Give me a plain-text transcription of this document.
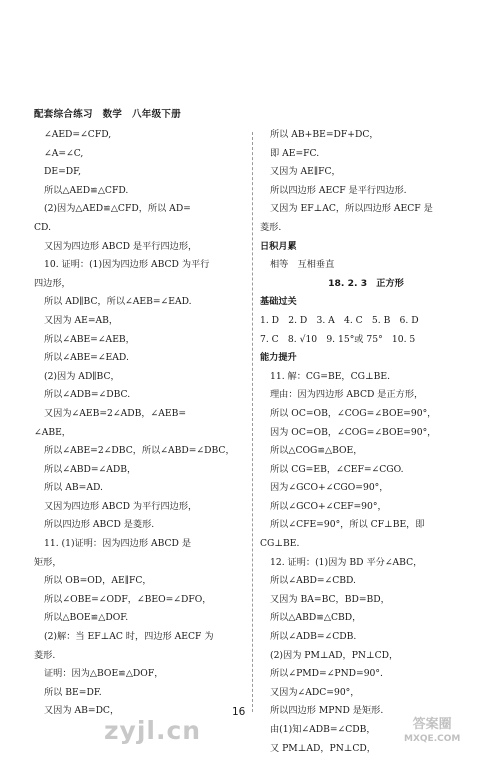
配套综合练习　数学　八年级下册
∠AED=∠CFD,
∠A=∠C,
DE=DF,
所以△AED≌△CFD.
(2)因为△AED≌△CFD，所以 AD=
CD.
又因为四边形 ABCD 是平行四边形，
10. 证明：(1)因为四边形 ABCD 为平行
四边形，
所以 AD∥BC，所以∠AEB=∠EAD.
又因为 AE=AB，
所以∠ABE=∠AEB，
所以∠ABE=∠EAD.
(2)因为 AD∥BC，
所以∠ADB=∠DBC.
又因为∠AEB=2∠ADB，∠AEB=
∠ABE，
所以∠ABE=2∠DBC，所以∠ABD=∠DBC，
所以∠ABD=∠ADB，
所以 AB=AD.
又因为四边形 ABCD 为平行四边形，
所以四边形 ABCD 是菱形.
11. (1)证明：因为四边形 ABCD 是
矩形，
所以 OB=OD，AE∥FC，
所以∠OBE=∠ODF，∠BEO=∠DFO，
所以△BOE≌△DOF.
(2)解：当 EF⊥AC 时，四边形 AECF 为
菱形.
证明：因为△BOE≌△DOF，
所以 BE=DF.
又因为 AB=DC，
所以 AB+BE=DF+DC，
即 AE=FC.
又因为 AE∥FC，
所以四边形 AECF 是平行四边形.
又因为 EF⊥AC，所以四边形 AECF 是
菱形.
日积月累
相等　互相垂直
18. 2. 3　正方形
基础过关
1. D　2. D　3. A　4. C　5. B　6. D
7. C　8. √10　9. 15°或 75°　10. 5
能力提升
11. 解：CG=BE，CG⊥BE.
理由：因为四边形 ABCD 是正方形，
所以 OC=OB，∠COG=∠BOE=90°，
因为 OC=OB，∠COG=∠BOE=90°，
所以△COG≌△BOE，
所以 CG=EB，∠CEF=∠CGO.
因为∠GCO+∠CGO=90°，
所以∠GCO+∠CEF=90°，
所以∠CFE=90°，所以 CF⊥BE，即
CG⊥BE.
12. 证明：(1)因为 BD 平分∠ABC，
所以∠ABD=∠CBD.
又因为 BA=BC，BD=BD，
所以△ABD≌△CBD，
所以∠ADB=∠CDB.
(2)因为 PM⊥AD，PN⊥CD，
所以∠PMD=∠PND=90°.
又因为∠ADC=90°，
所以四边形 MPND 是矩形.
由(1)知∠ADB=∠CDB，
又 PM⊥AD，PN⊥CD，
16
zyjl.cn	答案圈
MXQE.COM
